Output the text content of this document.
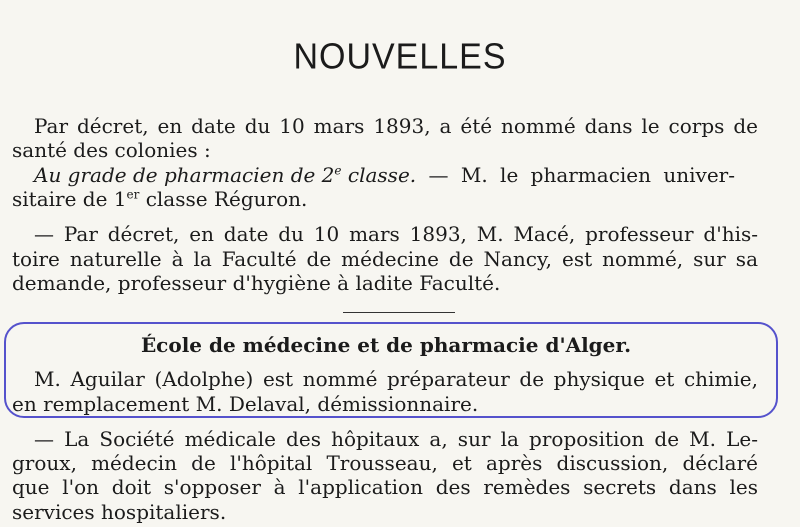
NOUVELLES
Par décret, en date du 10 mars 1893, a été nommé dans le corps de
santé des colonies :
Au grade de pharmacien de 2e classe. — M. le pharmacien univer-
sitaire de 1er classe Réguron.
— Par décret, en date du 10 mars 1893, M. Macé, professeur d'his-
toire naturelle à la Faculté de médecine de Nancy, est nommé, sur sa
demande, professeur d'hygiène à ladite Faculté.
École de médecine et de pharmacie d'Alger.
M. Aguilar (Adolphe) est nommé préparateur de physique et chimie,
en remplacement M. Delaval, démissionnaire.
— La Société médicale des hôpitaux a, sur la proposition de M. Le-
groux, médecin de l'hôpital Trousseau, et après discussion, déclaré
que l'on doit s'opposer à l'application des remèdes secrets dans les
services hospitaliers.
